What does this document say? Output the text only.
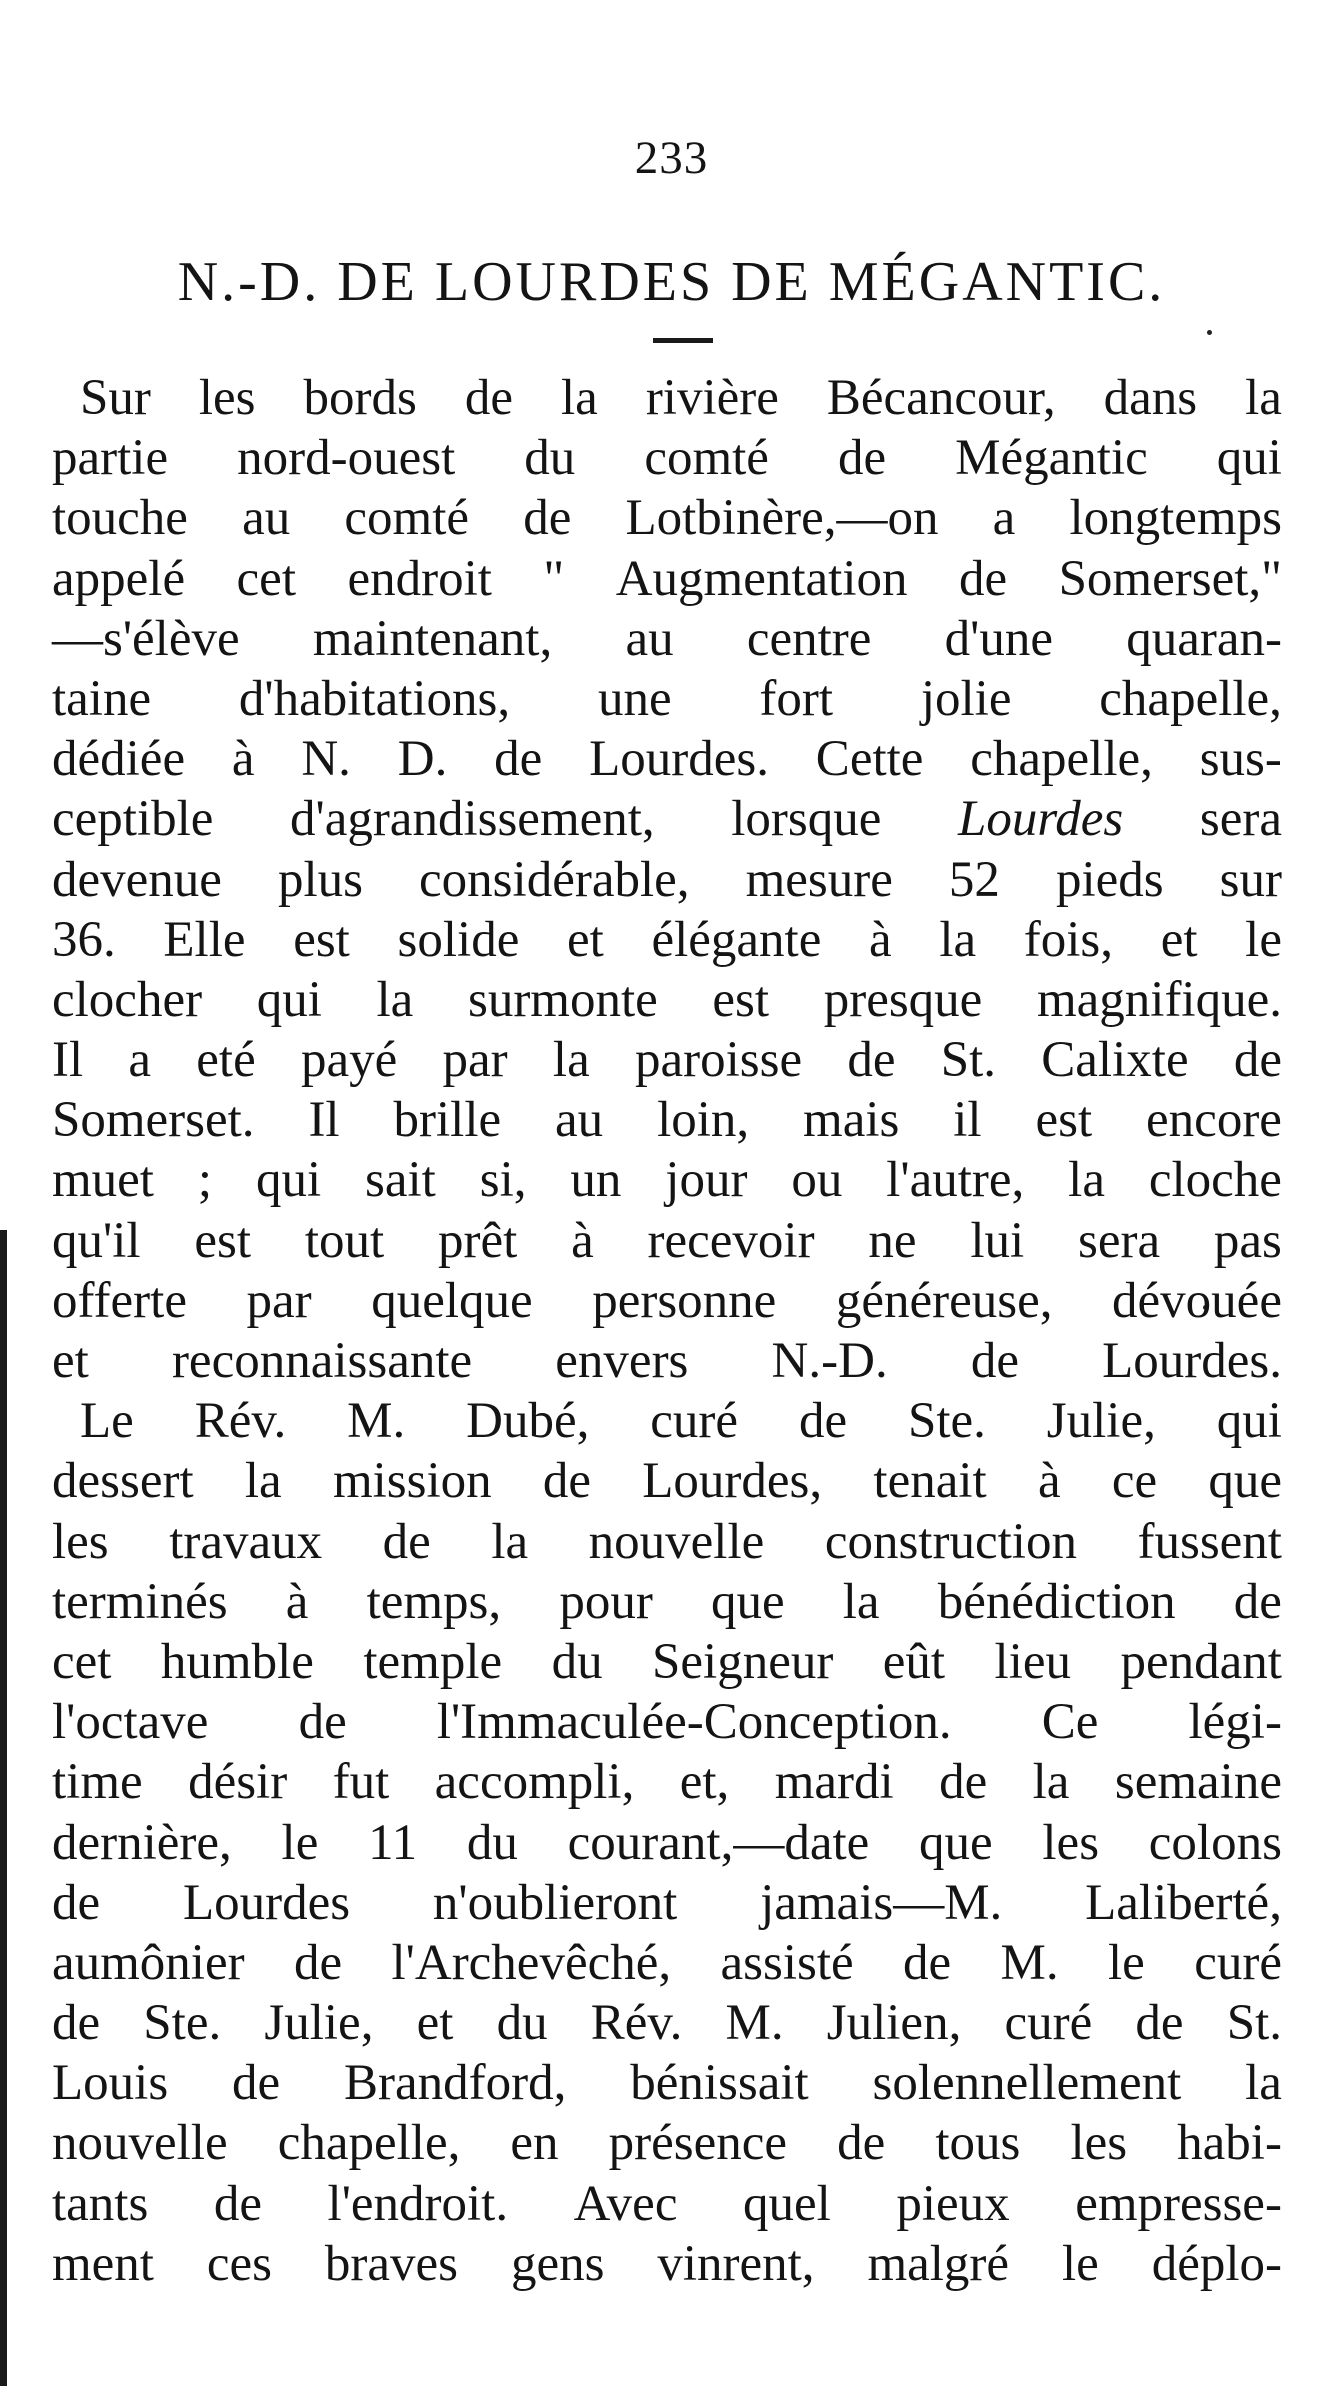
233
N.-D. DE LOURDES DE MÉGANTIC.
Sur les bords de la rivière Bécancour, dans la
partie nord-ouest du comté de Mégantic qui
touche au comté de Lotbinère,—on a longtemps
appelé cet endroit " Augmentation de Somerset,"
—s'élève maintenant, au centre d'une quaran-
taine d'habitations, une fort jolie chapelle,
dédiée à N. D. de Lourdes. Cette chapelle, sus-
ceptible d'agrandissement, lorsque Lourdes sera
devenue plus considérable, mesure 52 pieds sur
36. Elle est solide et élégante à la fois, et le
clocher qui la surmonte est presque magnifique.
Il a eté payé par la paroisse de St. Calixte de
Somerset. Il brille au loin, mais il est encore
muet ; qui sait si, un jour ou l'autre, la cloche
qu'il est tout prêt à recevoir ne lui sera pas
offerte par quelque personne généreuse, dévouée
et reconnaissante envers N.-D. de Lourdes.
Le Rév. M. Dubé, curé de Ste. Julie, qui
dessert la mission de Lourdes, tenait à ce que
les travaux de la nouvelle construction fussent
terminés à temps, pour que la bénédiction de
cet humble temple du Seigneur eût lieu pendant
l'octave de l'Immaculée-Conception. Ce légi-
time désir fut accompli, et, mardi de la semaine
dernière, le 11 du courant,—date que les colons
de Lourdes n'oublieront jamais—M. Laliberté,
aumônier de l'Archevêché, assisté de M. le curé
de Ste. Julie, et du Rév. M. Julien, curé de St.
Louis de Brandford, bénissait solennellement la
nouvelle chapelle, en présence de tous les habi-
tants de l'endroit. Avec quel pieux empresse-
ment ces braves gens vinrent, malgré le déplo-
